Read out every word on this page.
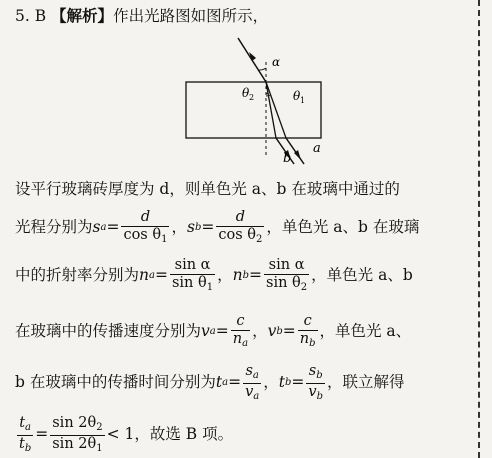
5. B 【解析】作出光路图如图所示，
α
θ 2	θ 1
b
a
设平行玻璃砖厚度为 d，则单色光 a、b 在玻璃中通过的
光程分别为 s $a = \frac{d}{\cos \theta_1}$ ， s $b = \frac{d}{\cos \theta_2}$ ，单色光 a、b 在玻璃
中的折射率分别为 n $a = \frac{\text{sin α}}{\sin \theta_1}$ ， n $b = \frac{\text{sin α}}{\sin \theta_2}$ ，单色光 a、b
在玻璃中的传播速度分别为 v $a = \frac{c}{n_a}$ ， v $b = \frac{c}{n_b}$ ，单色光 a、
b 在玻璃中的传播时间分别为 t $a = \frac{s_a}{v_a}$ ， t $b = \frac{s_b}{v_b}$ ，联立解得
$\frac{t_a}{t_b} = \frac{\sin 2\theta_2}{\sin 2\theta_1} < 1$，故选 B 项。
